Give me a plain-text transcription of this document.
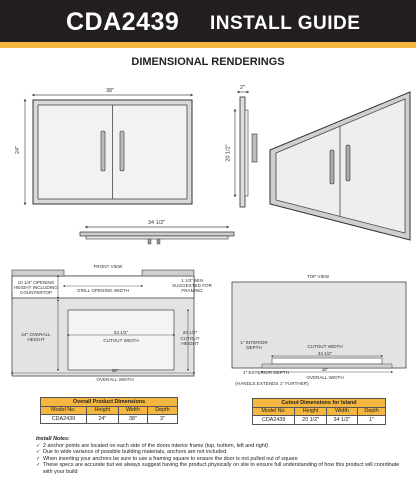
CDA2439 INSTALL GUIDE
DIMENSIONAL RENDERINGS
38"
24"
34 1/2"
2"
20 1/2"
FRONT VIEW
GRILL OPENING WIDTH
10 1/4" OPENING HEIGHT INCLUDING COUNTERTOP
1 1/2" MIN SUGGESTED FOR FRAMING
24" OVERALL HEIGHT
34 1/2"
CUTOUT WIDTH
20 1/2"
CUTOUT HEIGHT
38"
OVERALL WIDTH
TOP VIEW
1" INTERIOR DEPTH	CUTOUT WIDTH
34 1/2"
38"
OVERALL WIDTH
1" EXTERIOR DEPTH
(HANDLE EXTENDS 1" FURTHER)
Overall Product Dimensions			
Model No.	Height	Width	Depth
CDA2439	24"	38"	3"
Cutout Dimensions for Island			
Model No.	Height	Width	Depth
CDA2439	20 1/2"	34 1/2"	1"
Install Notes:
✓ 2 anchor points are located on each side of the doors interior frame (top, bottom, left and right)
✓ Due to wide variance of possible building materials, anchors are not included
✓ When inserting your anchors be sure to use a framing square to ensure the door is not pulled out of square
✓ These specs are accurate but we always suggest having the product physically on site to ensure full understanding of how this product will coordinate with your build
